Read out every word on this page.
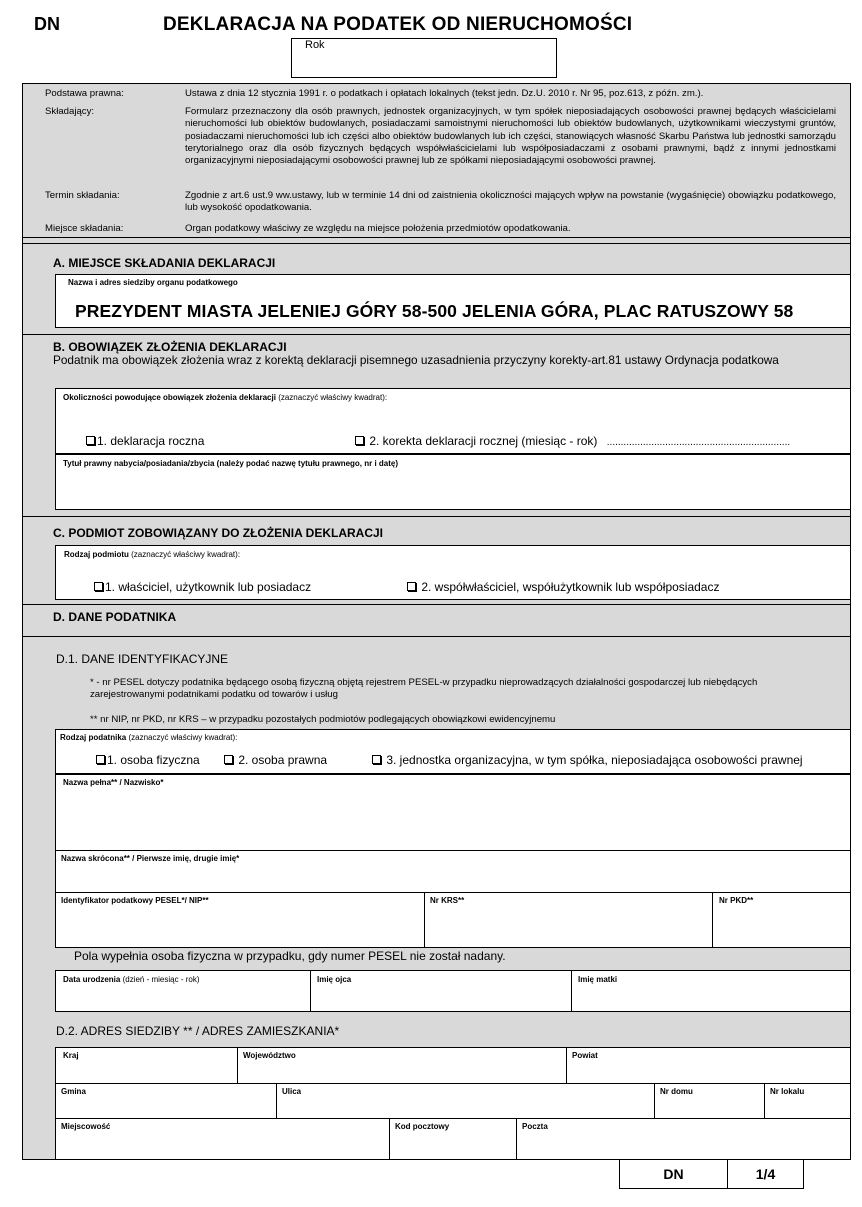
DN	DEKLARACJA NA PODATEK OD NIERUCHOMOŚCI
Rok
Podstawa prawna:	Ustawa z dnia 12 stycznia 1991 r. o podatkach i opłatach lokalnych (tekst jedn. Dz.U. 2010 r. Nr 95, poz.613, z późn. zm.).
Składający:	Formularz przeznaczony dla osób prawnych, jednostek organizacyjnych, w tym spółek nieposiadających osobowości prawnej będących właścicielami nieruchomości lub obiektów budowlanych, posiadaczami samoistnymi nieruchomości lub obiektów budowlanych, użytkownikami wieczystymi gruntów, posiadaczami nieruchomości lub ich części albo obiektów budowlanych lub ich części, stanowiących własność Skarbu Państwa lub jednostki samorządu terytorialnego oraz dla osób fizycznych będących współwłaścicielami lub współposiadaczami z osobami prawnymi, bądź z innymi jednostkami organizacyjnymi nieposiadającymi osobowości prawnej lub ze spółkami nieposiadającymi osobowości prawnej.
Termin składania:	Zgodnie z art.6 ust.9 ww.ustawy, lub w terminie 14 dni od zaistnienia okoliczności mających wpływ na powstanie (wygaśnięcie) obowiązku podatkowego, lub wysokość opodatkowania.
Miejsce składania:	Organ podatkowy właściwy ze względu na miejsce położenia przedmiotów opodatkowania.
A. MIEJSCE SKŁADANIA DEKLARACJI
Nazwa i adres siedziby organu podatkowego
PREZYDENT MIASTA JELENIEJ GÓRY 58-500 JELENIA GÓRA, PLAC RATUSZOWY 58
B. OBOWIĄZEK ZŁOŻENIA DEKLARACJI
Podatnik ma obowiązek złożenia wraz z korektą deklaracji pisemnego uzasadnienia przyczyny korekty-art.81 ustawy Ordynacja podatkowa
Okoliczności powodujące obowiązek złożenia deklaracji (zaznaczyć właściwy kwadrat):
1. deklaracja roczna	2. korekta deklaracji rocznej (miesiąc - rok) ..................................................................
Tytuł prawny nabycia/posiadania/zbycia (należy podać nazwę tytułu prawnego, nr i datę)
C. PODMIOT ZOBOWIĄZANY DO ZŁOŻENIA DEKLARACJI
Rodzaj podmiotu (zaznaczyć właściwy kwadrat):
1. właściciel, użytkownik lub posiadacz	2. współwłaściciel, współużytkownik lub współposiadacz
D. DANE PODATNIKA
D.1. DANE IDENTYFIKACYJNE
* - nr PESEL dotyczy podatnika będącego osobą fizyczną objętą rejestrem PESEL-w przypadku nieprowadzących działalności gospodarczej lub niebędących zarejestrowanymi podatnikami podatku od towarów i usług
** nr NIP, nr PKD, nr KRS – w przypadku pozostałych podmiotów podlegających obowiązkowi ewidencyjnemu
Rodzaj podatnika (zaznaczyć właściwy kwadrat):
1. osoba fizyczna	2. osoba prawna	3. jednostka organizacyjna, w tym spółka, nieposiadająca osobowości prawnej
Nazwa pełna** / Nazwisko*
Nazwa skrócona** / Pierwsze imię, drugie imię*
Identyfikator podatkowy PESEL*/ NIP**	Nr KRS**	Nr PKD**
Pola wypełnia osoba fizyczna w przypadku, gdy numer PESEL nie został nadany.
Data urodzenia (dzień - miesiąc - rok)	Imię ojca	Imię matki
D.2. ADRES SIEDZIBY ** / ADRES ZAMIESZKANIA*
Kraj	Województwo	Powiat
Gmina	Ulica	Nr domu	Nr lokalu
Miejscowość	Kod pocztowy	Poczta
DN	1/4
